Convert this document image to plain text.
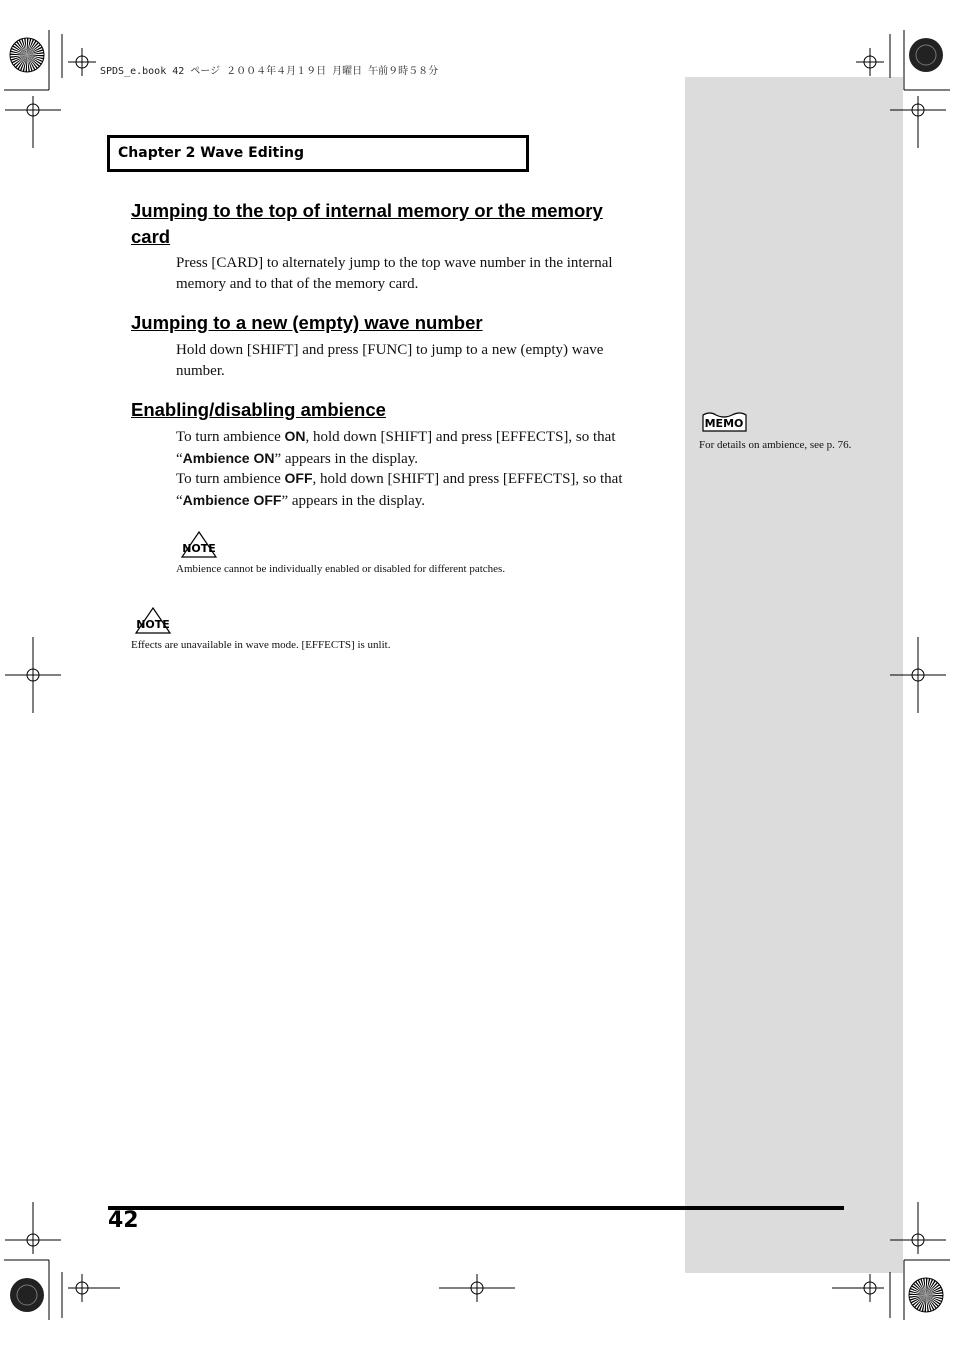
SPDS_e.book 42 ページ ２００４年４月１９日 月曜日 午前９時５８分
Chapter 2 Wave Editing
Jumping to the top of internal memory or the memory
card
Press [CARD] to alternately jump to the top wave number in the internal memory and to that of the memory card.
Jumping to a new (empty) wave number
Hold down [SHIFT] and press [FUNC] to jump to a new (empty) wave number.
Enabling/disabling ambience
To turn ambience ON, hold down [SHIFT] and press [EFFECTS], so that “Ambience ON” appears in the display.
To turn ambience OFF, hold down [SHIFT] and press [EFFECTS], so that “Ambience OFF” appears in the display.
NOTE
Ambience cannot be individually enabled or disabled for different patches.
NOTE
Effects are unavailable in wave mode. [EFFECTS] is unlit.
MEMO
For details on ambience, see p. 76.
42
